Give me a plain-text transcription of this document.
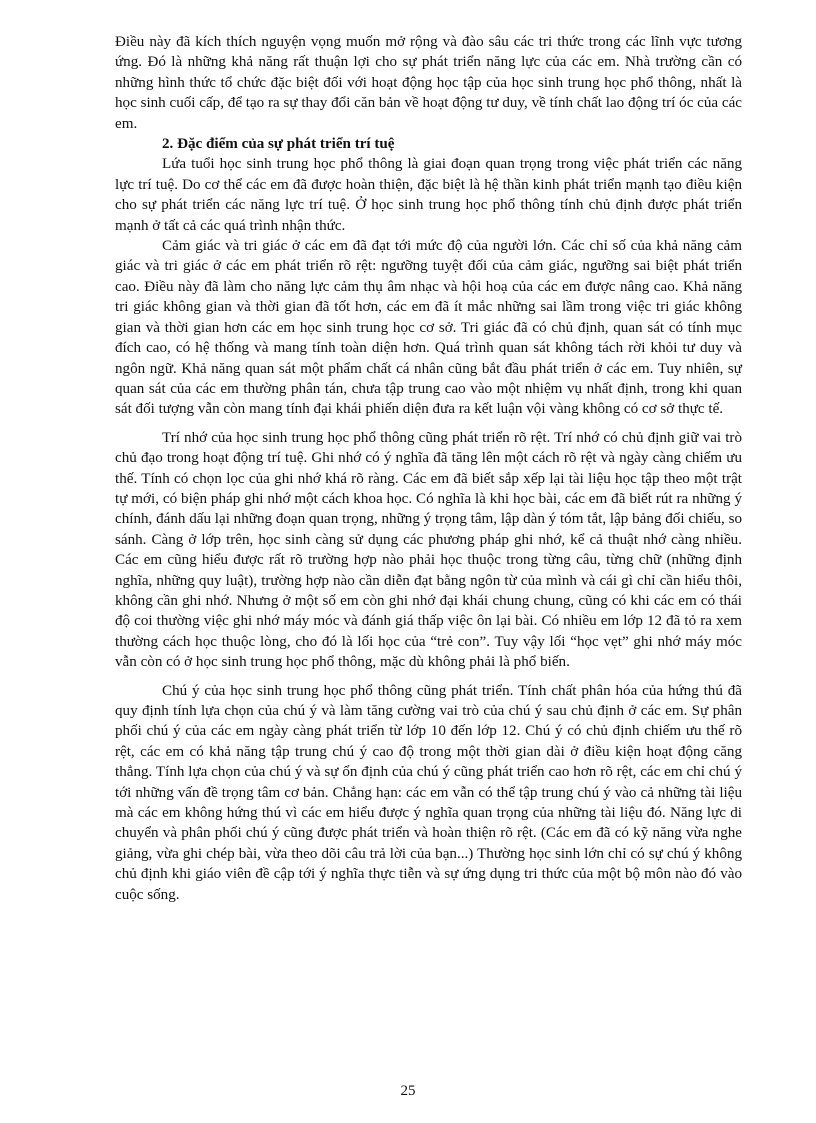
Điều này đã kích thích nguyện vọng muốn mở rộng và đào sâu các tri thức trong các lĩnh vực tương ứng. Đó là những khả năng rất thuận lợi cho sự phát triển năng lực của các em. Nhà trường cần có những hình thức tổ chức đặc biệt đối với hoạt động học tập của học sinh trung học phổ thông, nhất là học sinh cuối cấp, để tạo ra sự thay đổi căn bản về hoạt động tư duy, về tính chất lao động trí óc của các em.

2. Đặc điểm của sự phát triển trí tuệ

Lứa tuổi học sinh trung học phổ thông là giai đoạn quan trọng trong việc phát triển các năng lực trí tuệ. Do cơ thể các em đã được hoàn thiện, đặc biệt là hệ thần kinh phát triển mạnh tạo điều kiện cho sự phát triển các năng lực trí tuệ. Ở học sinh trung học phổ thông tính chủ định được phát triển mạnh ở tất cả các quá trình nhận thức.

Cảm giác và tri giác ở các em đã đạt tới mức độ của người lớn. Các chỉ số của khả năng cảm giác và tri giác ở các em phát triển rõ rệt: ngưỡng tuyệt đối của cảm giác, ngưỡng sai biệt phát triển cao. Điều này đã làm cho năng lực cảm thụ âm nhạc và hội hoạ của các em được nâng cao. Khả năng tri giác không gian và thời gian đã tốt hơn, các em đã ít mắc những sai lầm trong việc tri giác không gian và thời gian hơn các em học sinh trung học cơ sở. Tri giác đã có chủ định, quan sát có tính mục đích cao, có hệ thống và mang tính toàn diện hơn. Quá trình quan sát không tách rời khỏi tư duy và ngôn ngữ. Khả năng quan sát một phẩm chất cá nhân cũng bắt đầu phát triển ở các em. Tuy nhiên, sự quan sát của các em thường phân tán, chưa tập trung cao vào một nhiệm vụ nhất định, trong khi quan sát đối tượng vẫn còn mang tính đại khái phiến diện đưa ra kết luận vội vàng không có cơ sở thực tế.

Trí nhớ của học sinh trung học phổ thông cũng phát triển rõ rệt. Trí nhớ có chủ định giữ vai trò chủ đạo trong hoạt động trí tuệ. Ghi nhớ có ý nghĩa đã tăng lên một cách rõ rệt và ngày càng chiếm ưu thế. Tính có chọn lọc của ghi nhớ khá rõ ràng. Các em đã biết sắp xếp lại tài liệu học tập theo một trật tự mới, có biện pháp ghi nhớ một cách khoa học. Có nghĩa là khi học bài, các em đã biết rút ra những ý chính, đánh dấu lại những đoạn quan trọng, những ý trọng tâm, lập dàn ý tóm tắt, lập bảng đối chiếu, so sánh. Càng ở lớp trên, học sinh càng sử dụng các phương pháp ghi nhớ, kể cả thuật nhớ càng nhiều. Các em cũng hiểu được rất rõ trường hợp nào phải học thuộc trong từng câu, từng chữ (những định nghĩa, những quy luật), trường hợp nào cần diễn đạt bằng ngôn từ của mình và cái gì chỉ cần hiểu thôi, không cần ghi nhớ. Nhưng ở một số em còn ghi nhớ đại khái chung chung, cũng có khi các em có thái độ coi thường việc ghi nhớ máy móc và đánh giá thấp việc ôn lại bài. Có nhiều em lớp 12 đã tỏ ra xem thường cách học thuộc lòng, cho đó là lối học của “trẻ con”. Tuy vậy lối “học vẹt” ghi nhớ máy móc vẫn còn có ở học sinh trung học phổ thông, mặc dù không phải là phổ biến.

Chú ý của học sinh trung học phổ thông cũng phát triển. Tính chất phân hóa của hứng thú đã quy định tính lựa chọn của chú ý và làm tăng cường vai trò của chú ý sau chủ định ở các em. Sự phân phối chú ý của các em ngày càng phát triển từ lớp 10 đến lớp 12. Chú ý có chủ định chiếm ưu thế rõ rệt, các em có khả năng tập trung chú ý cao độ trong một thời gian dài ở điều kiện hoạt động căng thẳng. Tính lựa chọn của chú ý và sự ổn định của chú ý cũng phát triển cao hơn rõ rệt, các em chỉ chú ý tới những vấn đề trọng tâm cơ bản. Chẳng hạn: các em vẫn có thể tập trung chú ý vào cả những tài liệu mà các em không hứng thú vì các em hiểu được ý nghĩa quan trọng của những tài liệu đó. Năng lực di chuyển và phân phối chú ý cũng được phát triển và hoàn thiện rõ rệt. (Các em đã có kỹ năng vừa nghe giảng, vừa ghi chép bài, vừa theo dõi câu trả lời của bạn...) Thường học sinh lớn chỉ có sự chú ý không chủ định khi giáo viên đề cập tới ý nghĩa thực tiễn và sự ứng dụng tri thức của một bộ môn nào đó vào cuộc sống.

25
